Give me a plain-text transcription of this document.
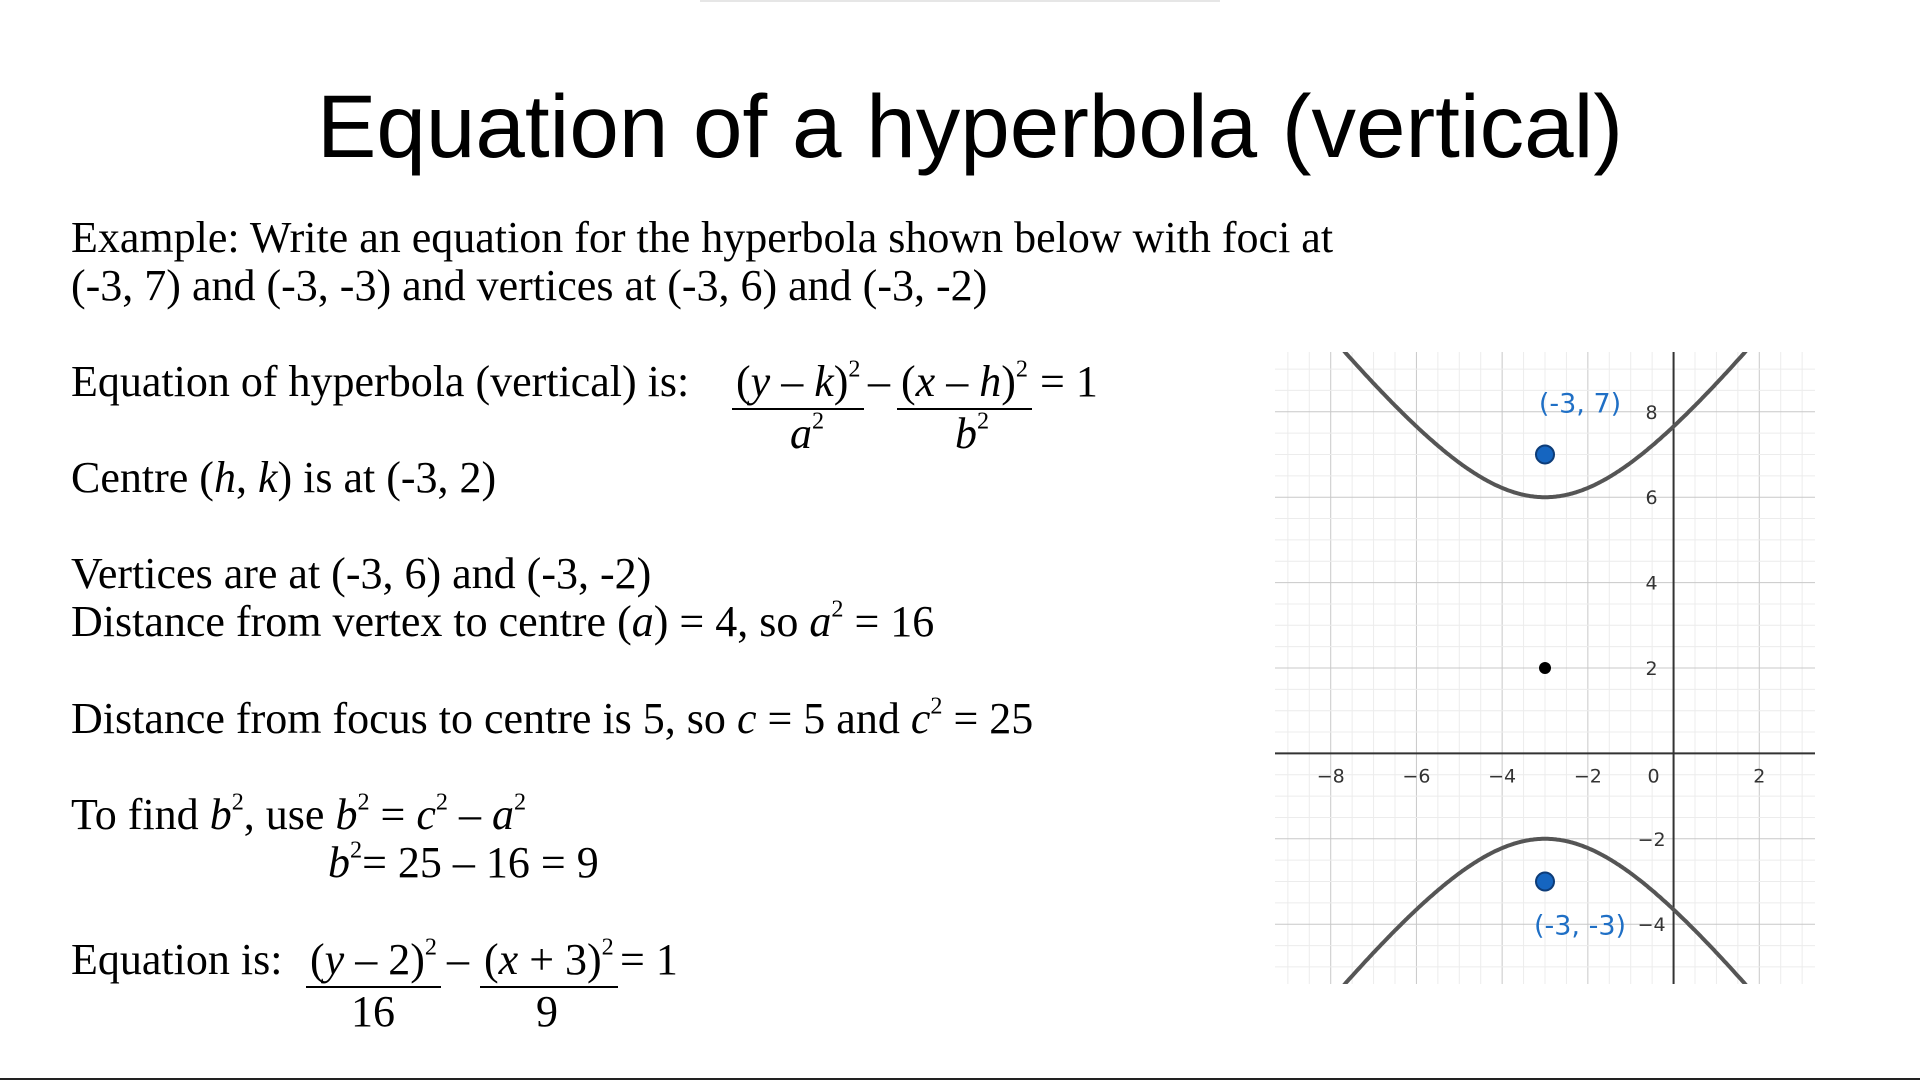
Equation of a hyperbola (vertical)
Example: Write an equation for the hyperbola shown below with foci at
(-3, 7) and (-3, -3) and vertices at (-3, 6) and (-3, -2)
Equation of hyperbola (vertical) is: $\frac{(y - k)^2}{a^2} - \frac{(x - h)^2}{b^2} = 1$
Centre (h, k) is at (-3, 2)
Vertices are at (-3, 6) and (-3, -2)
Distance from vertex to centre (a) = 4, so $a^2 = 16$
Distance from focus to centre is 5, so c = 5 and $c^2 = 25$
To find $b^2$, use $b^2 = c^2 - a^2$
$b^2= 25 - 16 = 9$
Equation is: $\frac{(y - 2)^2}{16} - \frac{(x + 3)^2}{9} = 1$
−8	−6	−4	−2 0	2
8
6
4
2
−2
−4
(-3, 7)
(-3, -3)
